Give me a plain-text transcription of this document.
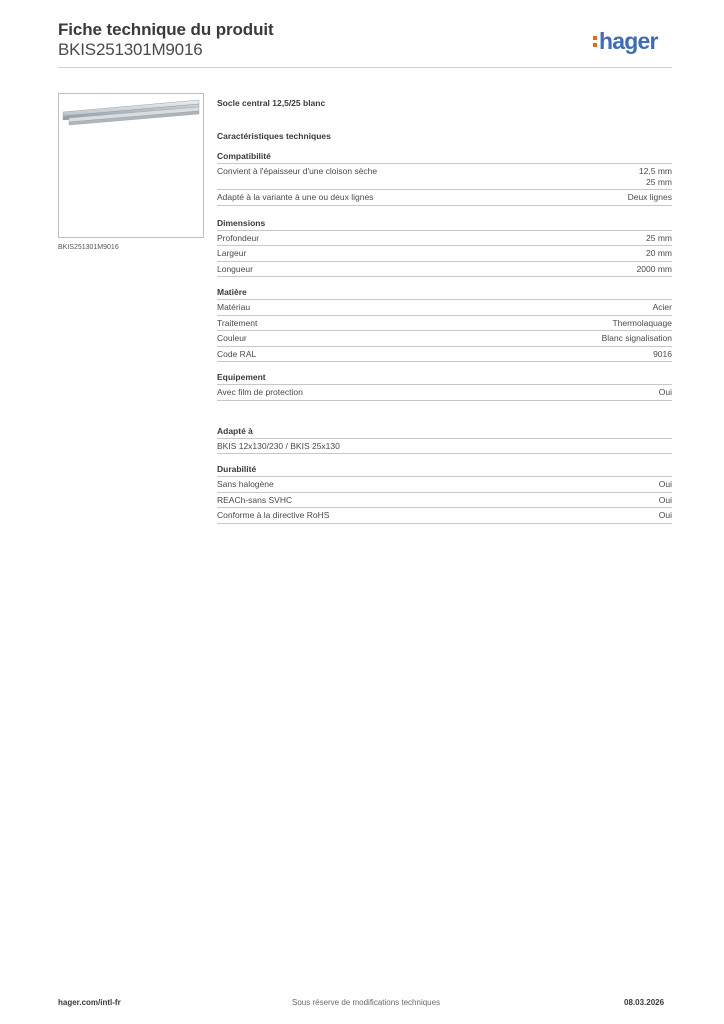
Fiche technique du produit
BKIS251301M9016	hager
BKIS251301M9016
Socle central 12,5/25 blanc
Caractéristiques techniques
Compatibilité
Convient à l'épaisseur d'une cloison sèche	12,5 mm
25 mm
Adapté à la variante à une ou deux lignes	Deux lignes
Dimensions
Profondeur	25 mm
Largeur	20 mm
Longueur	2000 mm
Matière
Matériau	Acier
Traitement	Thermolaquage
Couleur	Blanc signalisation
Code RAL	9016
Equipement
Avec film de protection	Oui
Adapté à
BKIS 12x130/230 / BKIS 25x130
Durabilité
Sans halogène	Oui
REACh-sans SVHC	Oui
Conforme à la directive RoHS	Oui
hager.com/intl-fr	Sous réserve de modifications techniques	08.03.2026
